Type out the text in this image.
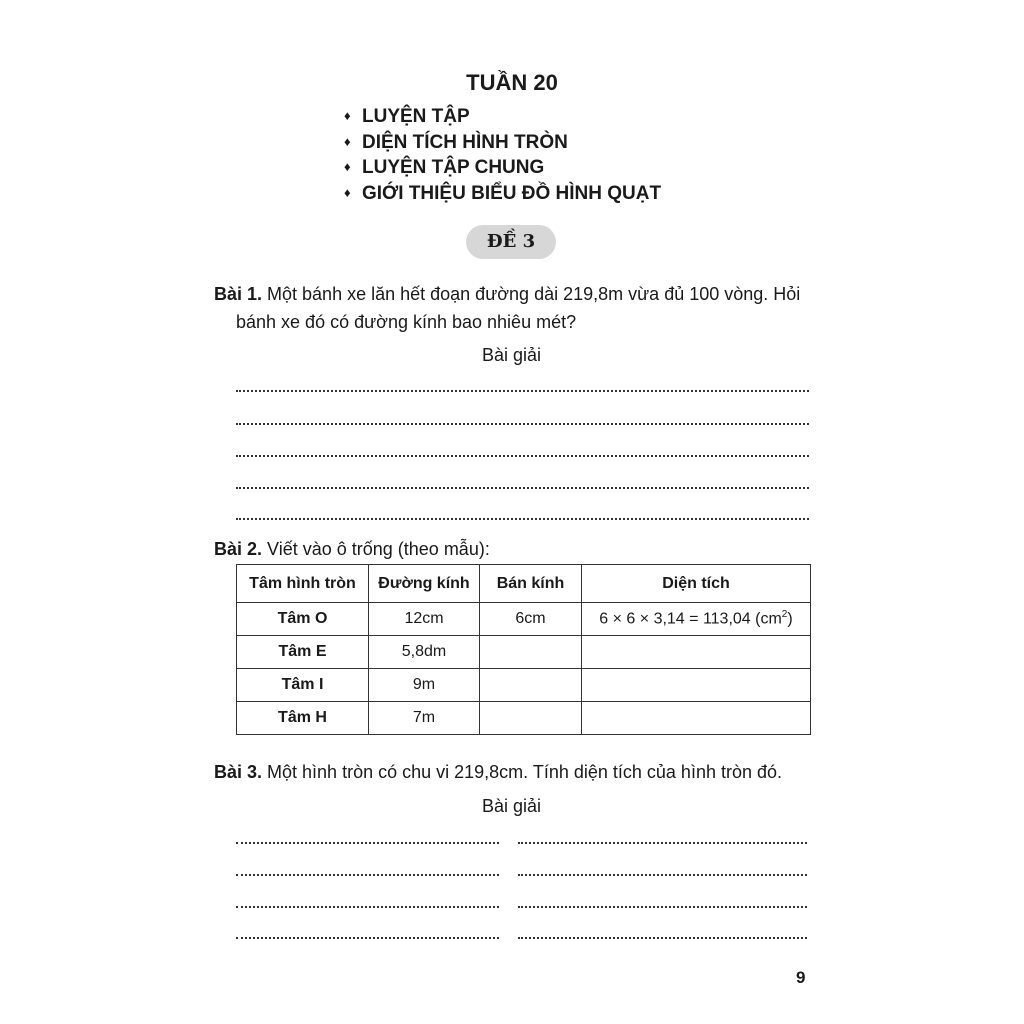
TUẦN 20
♦ LUYỆN TẬP
♦ DIỆN TÍCH HÌNH TRÒN
♦ LUYỆN TẬP CHUNG
♦ GIỚI THIỆU BIỂU ĐỒ HÌNH QUẠT
ĐỀ 3
Bài 1. Một bánh xe lăn hết đoạn đường dài 219,8m vừa đủ 100 vòng. Hỏi
bánh xe đó có đường kính bao nhiêu mét?
Bài giải
Bài 2. Viết vào ô trống (theo mẫu):
Tâm hình tròn	Đường kính	Bán kính	Diện tích
Tâm O	12cm	6cm	6 × 6 × 3,14 = 113,04 $(cm^2)$
Tâm E	5,8dm		
Tâm I	9m		
Tâm H	7m		
Bài 3. Một hình tròn có chu vi 219,8cm. Tính diện tích của hình tròn đó.
Bài giải
9
